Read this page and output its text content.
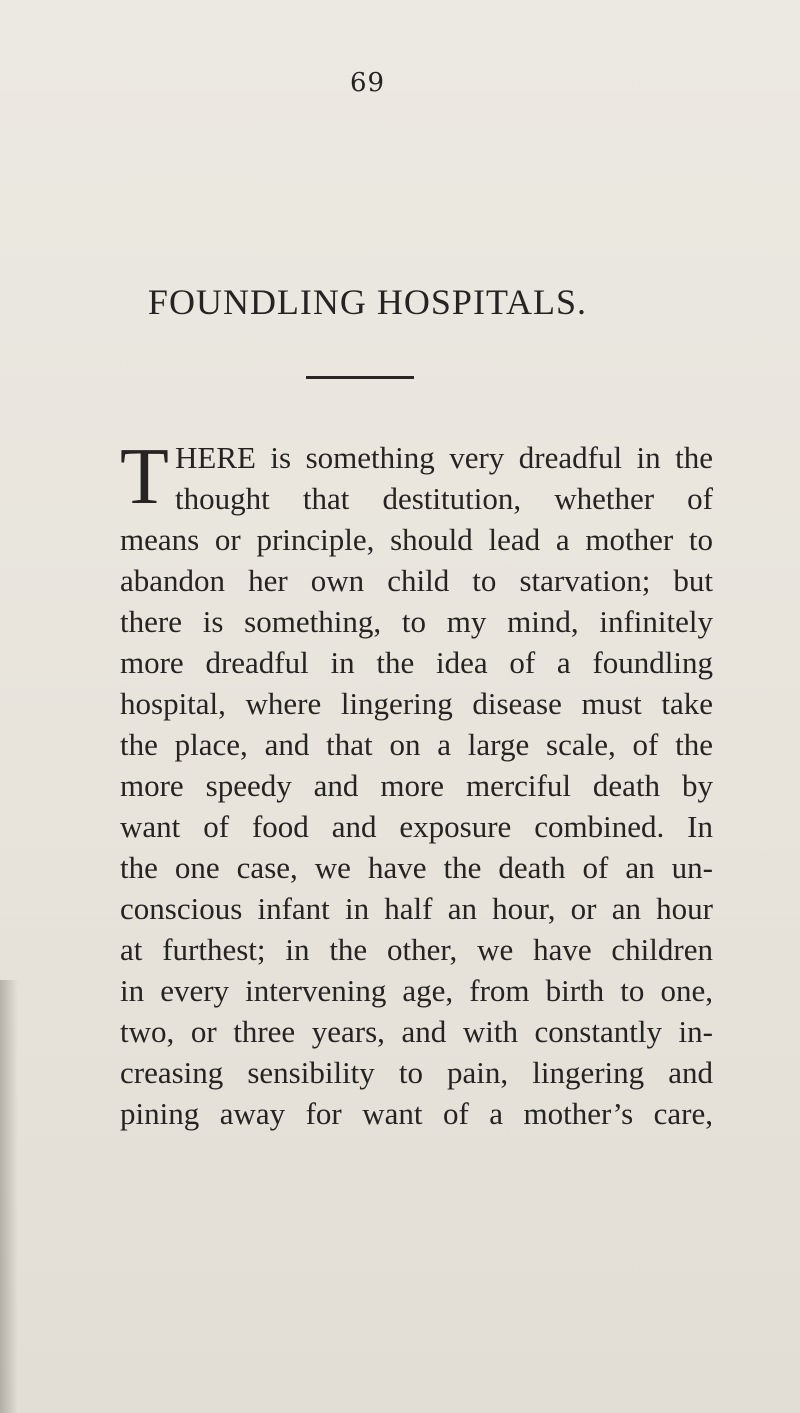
69
FOUNDLING HOSPITALS.
T HERE is something very dreadful in the
thought that destitution, whether of
means or principle, should lead a mother to
abandon her own child to starvation; but
there is something, to my mind, infinitely
more dreadful in the idea of a foundling
hospital, where lingering disease must take
the place, and that on a large scale, of the
more speedy and more merciful death by
want of food and exposure combined. In
the one case, we have the death of an un-
conscious infant in half an hour, or an hour
at furthest; in the other, we have children
in every intervening age, from birth to one,
two, or three years, and with constantly in-
creasing sensibility to pain, lingering and
pining away for want of a mother’s care,
